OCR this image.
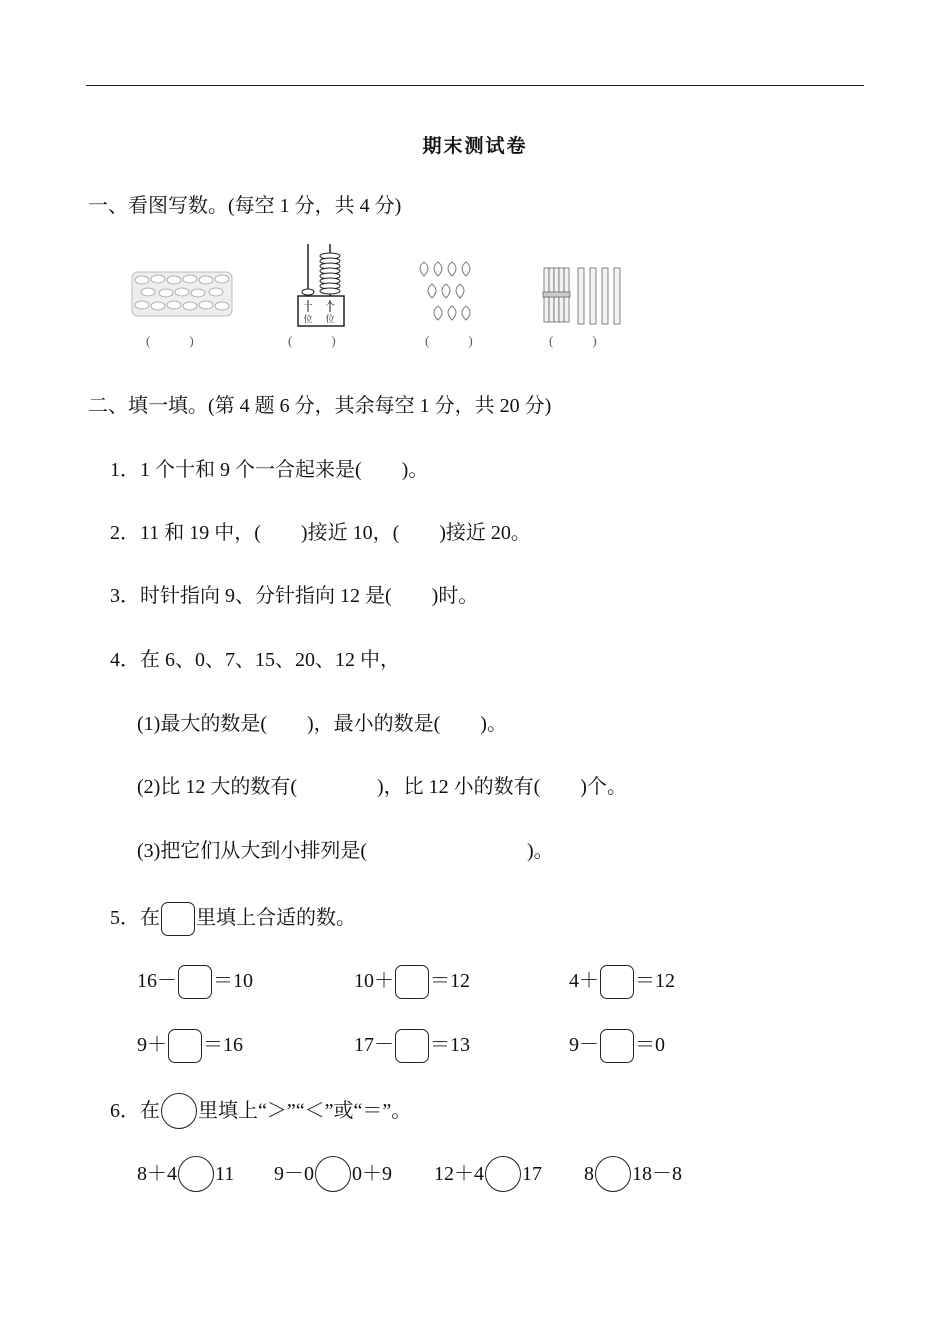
期末测试卷
一、看图写数。(每空 1 分，共 4 分)
(　　　)
十 个
位 位
(　　　)	(　　　)	(　　　)
二、填一填。(第 4 题 6 分，其余每空 1 分，共 20 分)
1．1 个十和 9 个一合起来是(　　)。
2．11 和 19 中，(　　)接近 10，(　　)接近 20。
3．时针指向 9、分针指向 12 是(　　)时。
4．在 6、0、7、15、20、12 中，
(1)最大的数是(　　)，最小的数是(　　)。
(2)比 12 大的数有(　　　　)，比 12 小的数有(　　)个。
(3)把它们从大到小排列是(　　　　　　　　)。
5．在 里填上合适的数。
16－ ＝10	10＋ ＝12	4＋ ＝12
9＋ ＝16	17－ ＝13	9－ ＝0
6．在 里填上“＞”“＜”或“＝”。
8＋4 11 9－0 0＋9 12＋4 17 8 18－8
